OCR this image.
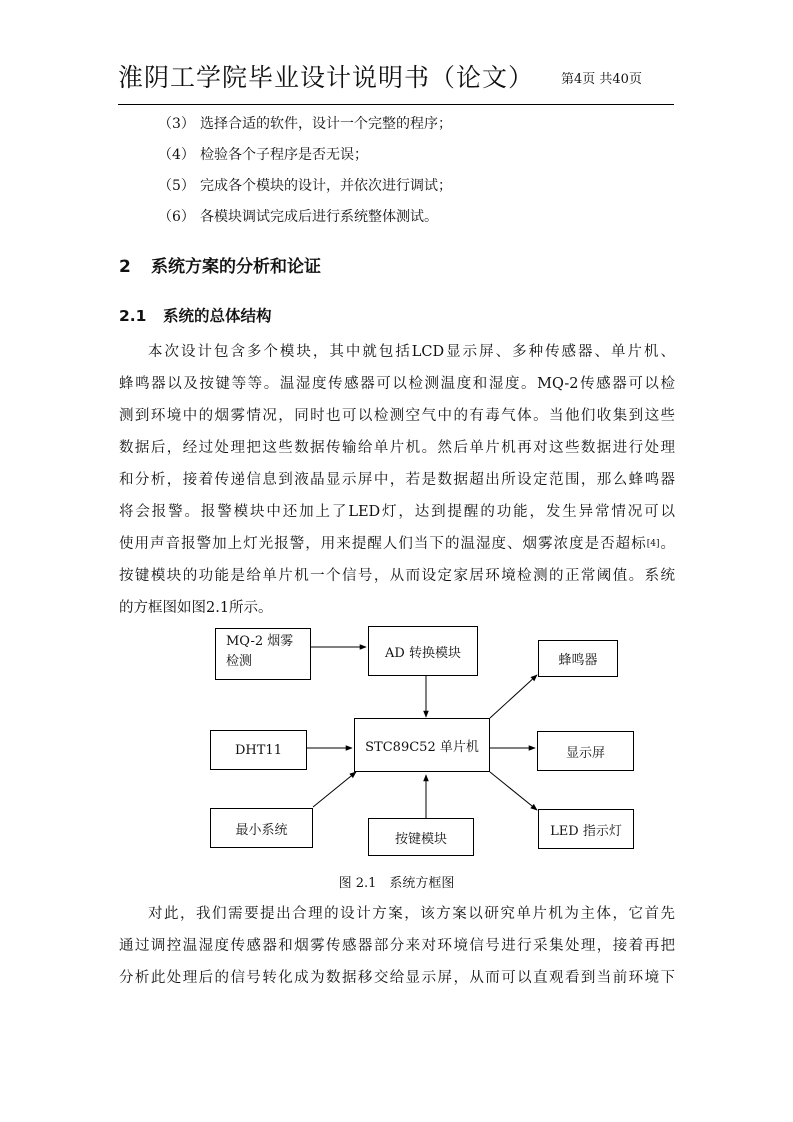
淮阴工学院毕业设计说明书（论文） 第4页 共40页
（3） 选择合适的软件，设计一个完整的程序；
（4） 检验各个子程序是否无误；
（5） 完成各个模块的设计，并依次进行调试；
（6） 各模块调试完成后进行系统整体测试。
2 系统方案的分析和论证
2.1 系统的总体结构
本次设计包含多个模块，其中就包括LCD显示屏、多种传感器、单片机、
蜂鸣器以及按键等等。温湿度传感器可以检测温度和湿度。MQ-2传感器可以检
测到环境中的烟雾情况，同时也可以检测空气中的有毒气体。当他们收集到这些
数据后，经过处理把这些数据传输给单片机。然后单片机再对这些数据进行处理
和分析，接着传递信息到液晶显示屏中，若是数据超出所设定范围，那么蜂鸣器
将会报警。报警模块中还加上了LED灯，达到提醒的功能，发生异常情况可以
使用声音报警加上灯光报警，用来提醒人们当下的温湿度、烟雾浓度是否超标[4]。
按键模块的功能是给单片机一个信号，从而设定家居环境检测的正常阈值。系统
的方框图如图2.1所示。
MQ-2 烟雾
检测
AD 转换模块	蜂鸣器
DHT11	STC89C52 单片机	显示屏
最小系统
按键模块
LED 指示灯
图 2.1　系统方框图
对此，我们需要提出合理的设计方案，该方案以研究单片机为主体，它首先
通过调控温湿度传感器和烟雾传感器部分来对环境信号进行采集处理，接着再把
分析此处理后的信号转化成为数据移交给显示屏，从而可以直观看到当前环境下
